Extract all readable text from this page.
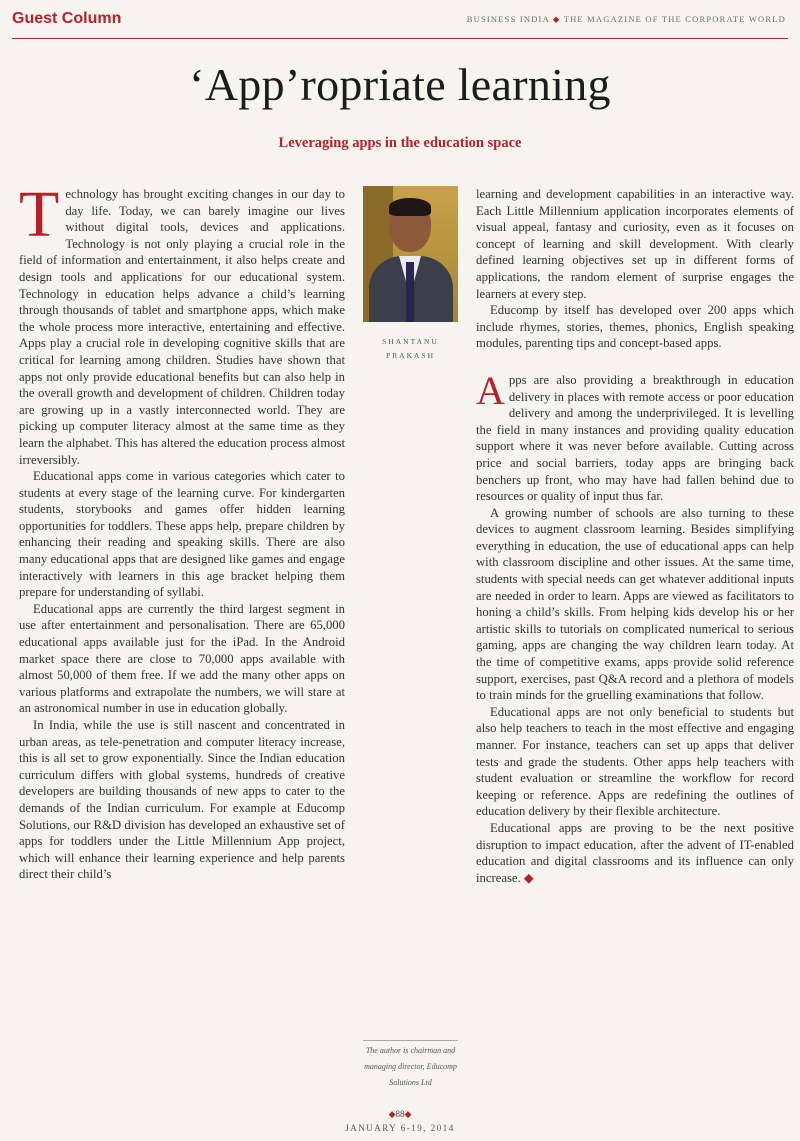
Guest Column	BUSINESS INDIA ◆ THE MAGAZINE OF THE CORPORATE WORLD
‘App’ropriate learning
Leveraging apps in the education space

Technology has brought exciting changes in our day to day life. Today, we can barely imagine our lives without digital tools, devices and applications. Technology is not only playing a crucial role in the field of information and entertainment, it also helps create and design tools and applications for our educational system. Technology in education helps advance a child’s learning through thousands of tablet and smartphone apps, which make the whole process more interactive, entertaining and effective. Apps play a crucial role in developing cognitive skills that are critical for learning among children. Studies have shown that apps not only provide educational benefits but can also help in the overall growth and development of children. Children today are growing up in a vastly interconnected world. They are picking up computer literacy almost at the same time as they learn the alphabet. This has altered the education process almost irreversibly.

Educational apps come in various categories which cater to students at every stage of the learning curve. For kindergarten students, storybooks and games offer hidden learning opportunities for toddlers. These apps help, prepare children by enhancing their reading and speaking skills. There are also many educational apps that are designed like games and engage interactively with learners in this age bracket helping them prepare for understanding of syllabi.

Educational apps are currently the third largest segment in use after entertainment and personalisation. There are 65,000 educational apps available just for the iPad. In the Android market space there are close to 70,000 apps available with almost 50,000 of them free. If we add the many other apps on various platforms and extrapolate the numbers, we will stare at an astronomical number in use in education globally.

In India, while the use is still nascent and concentrated in urban areas, as tele-penetration and computer literacy increase, this is all set to grow exponentially. Since the Indian education curriculum differs with global systems, hundreds of creative developers are building thousands of new apps to cater to the demands of the Indian curriculum. For example at Educomp Solutions, our R&D division has developed an exhaustive set of apps for toddlers under the Little Millennium App project, which will enhance their learning experience and help parents direct their child’s

SHANTANU
PRAKASH

learning and development capabilities in an interactive way. Each Little Millennium application incorporates elements of visual appeal, fantasy and curiosity, even as it focuses on concept of learning and skill development. With clearly defined learning objectives set up in different forms of applications, the random element of surprise engages the learners at every step.

Educomp by itself has developed over 200 apps which include rhymes, stories, themes, phonics, English speaking modules, parenting tips and concept-based apps.

Apps are also providing a breakthrough in education delivery in places with remote access or poor education delivery and among the underprivileged. It is levelling the field in many instances and providing quality education support where it was never before available. Cutting across price and social barriers, today apps are bringing back benchers up front, who may have had fallen behind due to resources or quality of input thus far.

A growing number of schools are also turning to these devices to augment classroom learning. Besides simplifying everything in education, the use of educational apps can help with classroom discipline and other issues. At the same time, students with special needs can get whatever additional inputs are needed in order to learn. Apps are viewed as facilitators to honing a child’s skills. From helping kids develop his or her artistic skills to tutorials on complicated numerical to serious gaming, apps are changing the way children learn today. At the time of competitive exams, apps provide solid reference support, exercises, past Q&A record and a plethora of models to train minds for the gruelling examinations that follow.

Educational apps are not only beneficial to students but also help teachers to teach in the most effective and engaging manner. For instance, teachers can set up apps that deliver tests and grade the students. Other apps help teachers with student evaluation or streamline the workflow for record keeping or reference. Apps are redefining the outlines of education delivery by their flexible architecture.

Educational apps are proving to be the next positive disruption to impact education, after the advent of IT-enabled education and digital classrooms and its influence can only increase. ◆

The author is chairman and managing director, Educomp Solutions Ltd
◆88◆
JANUARY 6-19, 2014
